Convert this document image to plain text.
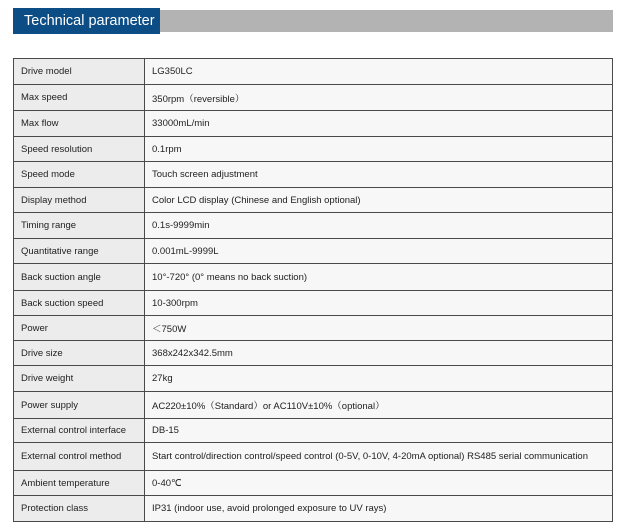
Technical parameter
Drive model	LG350LC
Max speed	350rpm（reversible）
Max flow	33000mL/min
Speed resolution	0.1rpm
Speed mode	Touch screen adjustment
Display method	Color LCD display (Chinese and English optional)
Timing range	0.1s-9999min
Quantitative range	0.001mL-9999L
Back suction angle	10°-720° (0° means no back suction)
Back suction speed	10-300rpm
Power	＜750W
Drive size	368x242x342.5mm
Drive weight	27kg
Power supply	AC220±10%（Standard）or AC110V±10%（optional）
External control interface	DB-15
External control method	Start control/direction control/speed control (0-5V, 0-10V, 4-20mA optional) RS485 serial communication
Ambient temperature	0-40℃
Protection class	IP31 (indoor use, avoid prolonged exposure to UV rays)
